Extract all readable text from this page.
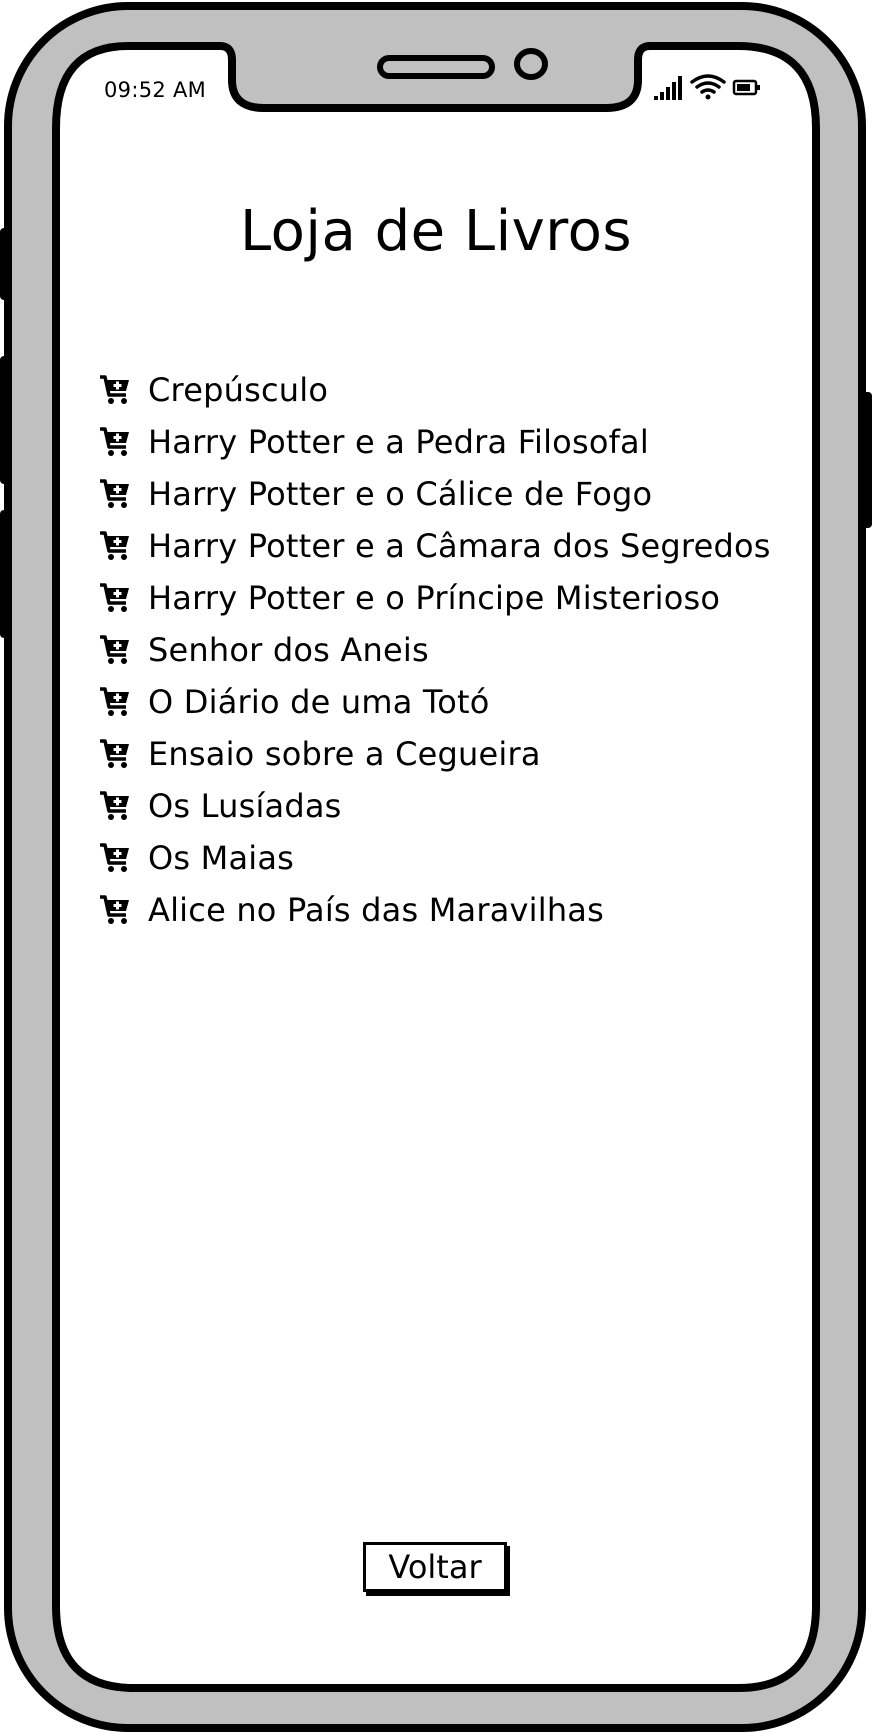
09:52 AM
Loja de Livros
Crepúsculo
Harry Potter e a Pedra Filosofal
Harry Potter e o Cálice de Fogo
Harry Potter e a Câmara dos Segredos
Harry Potter e o Príncipe Misterioso
Senhor dos Aneis
O Diário de uma Totó
Ensaio sobre a Cegueira
Os Lusíadas
Os Maias
Alice no País das Maravilhas
Voltar
